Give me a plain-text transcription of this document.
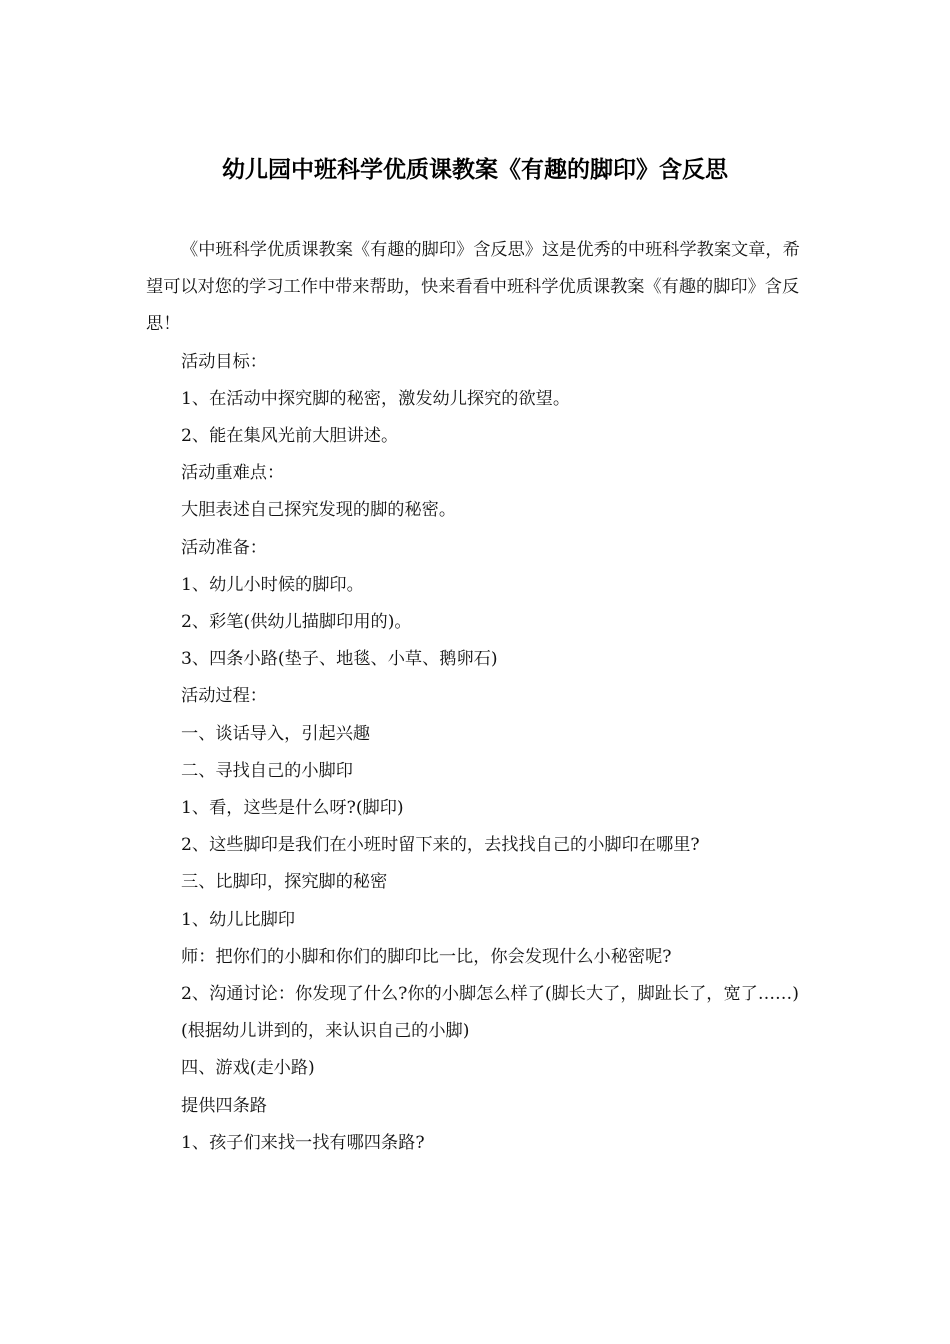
幼儿园中班科学优质课教案《有趣的脚印》含反思

《中班科学优质课教案《有趣的脚印》含反思》这是优秀的中班科学教案文章，希望可以对您的学习工作中带来帮助，快来看看中班科学优质课教案《有趣的脚印》含反思！

活动目标：

1、在活动中探究脚的秘密，激发幼儿探究的欲望。

2、能在集风光前大胆讲述。

活动重难点：

大胆表述自己探究发现的脚的秘密。

活动准备：

1、幼儿小时候的脚印。

2、彩笔(供幼儿描脚印用的)。

3、四条小路(垫子、地毯、小草、鹅卵石)

活动过程：

一、谈话导入，引起兴趣

二、寻找自己的小脚印

1、看，这些是什么呀?(脚印)

2、这些脚印是我们在小班时留下来的，去找找自己的小脚印在哪里?

三、比脚印，探究脚的秘密

1、幼儿比脚印

师：把你们的小脚和你们的脚印比一比，你会发现什么小秘密呢?

2、沟通讨论：你发现了什么?你的小脚怎么样了(脚长大了，脚趾长了，宽了……)

(根据幼儿讲到的，来认识自己的小脚)

四、游戏(走小路)

提供四条路

1、孩子们来找一找有哪四条路?
